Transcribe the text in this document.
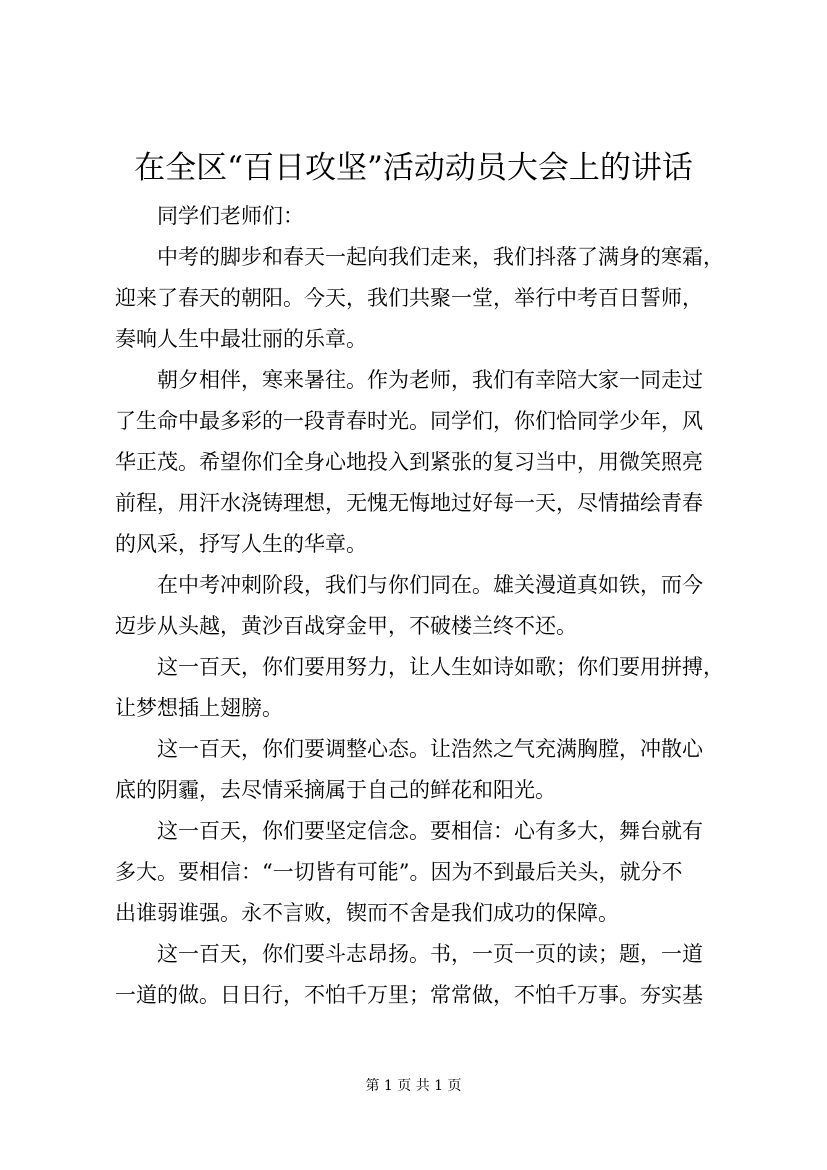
在全区“百日攻坚”活动动员大会上的讲话

同学们老师们：

中考的脚步和春天一起向我们走来，我们抖落了满身的寒霜，

迎来了春天的朝阳。今天，我们共聚一堂，举行中考百日誓师，

奏响人生中最壮丽的乐章。

朝夕相伴，寒来暑往。作为老师，我们有幸陪大家一同走过

了生命中最多彩的一段青春时光。同学们，你们恰同学少年，风

华正茂。希望你们全身心地投入到紧张的复习当中，用微笑照亮

前程，用汗水浇铸理想，无愧无悔地过好每一天，尽情描绘青春

的风采，抒写人生的华章。

在中考冲刺阶段，我们与你们同在。雄关漫道真如铁，而今

迈步从头越，黄沙百战穿金甲，不破楼兰终不还。

这一百天，你们要用努力，让人生如诗如歌；你们要用拼搏，

让梦想插上翅膀。

这一百天，你们要调整心态。让浩然之气充满胸膛，冲散心

底的阴霾，去尽情采摘属于自己的鲜花和阳光。

这一百天，你们要坚定信念。要相信：心有多大，舞台就有

多大。要相信：“一切皆有可能”。因为不到最后关头，就分不

出谁弱谁强。永不言败，锲而不舍是我们成功的保障。

这一百天，你们要斗志昂扬。书，一页一页的读；题，一道

一道的做。日日行，不怕千万里；常常做，不怕千万事。夯实基

第 1 页 共 1 页
